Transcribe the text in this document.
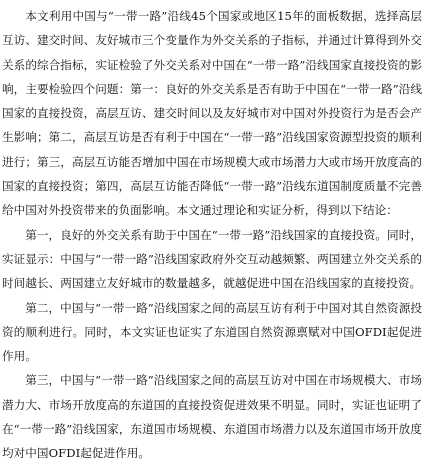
本文利用中国与“一带一路”沿线45个国家或地区15年的面板数据，选择高层互访、建交时间、友好城市三个变量作为外交关系的子指标，并通过计算得到外交关系的综合指标，实证检验了外交关系对中国在“一带一路”沿线国家直接投资的影响，主要检验四个问题：第一：良好的外交关系是否有助于中国在“一带一路”沿线国家的直接投资，高层互访、建交时间以及友好城市对中国对外投资行为是否会产生影响；第二，高层互访是否有利于中国在“一带一路”沿线国家资源型投资的顺利进行；第三，高层互访能否增加中国在市场规模大或市场潜力大或市场开放度高的国家的直接投资；第四，高层互访能否降低“一带一路”沿线东道国制度质量不完善给中国对外投资带来的负面影响。本文通过理论和实证分析，得到以下结论：

第一，良好的外交关系有助于中国在“一带一路”沿线国家的直接投资。同时，实证显示：中国与“一带一路”沿线国家政府外交互动越频繁、两国建立外交关系的时间越长、两国建立友好城市的数量越多，就越促进中国在沿线国家的直接投资。

第二，中国与“一带一路”沿线国家之间的高层互访有利于中国对其自然资源投资的顺利进行。同时，本文实证也证实了东道国自然资源禀赋对中国OFDI起促进作用。

第三，中国与“一带一路”沿线国家之间的高层互访对中国在市场规模大、市场潜力大、市场开放度高的东道国的直接投资促进效果不明显。同时，实证也证明了在“一带一路”沿线国家，东道国市场规模、东道国市场潜力以及东道国市场开放度均对中国OFDI起促进作用。
